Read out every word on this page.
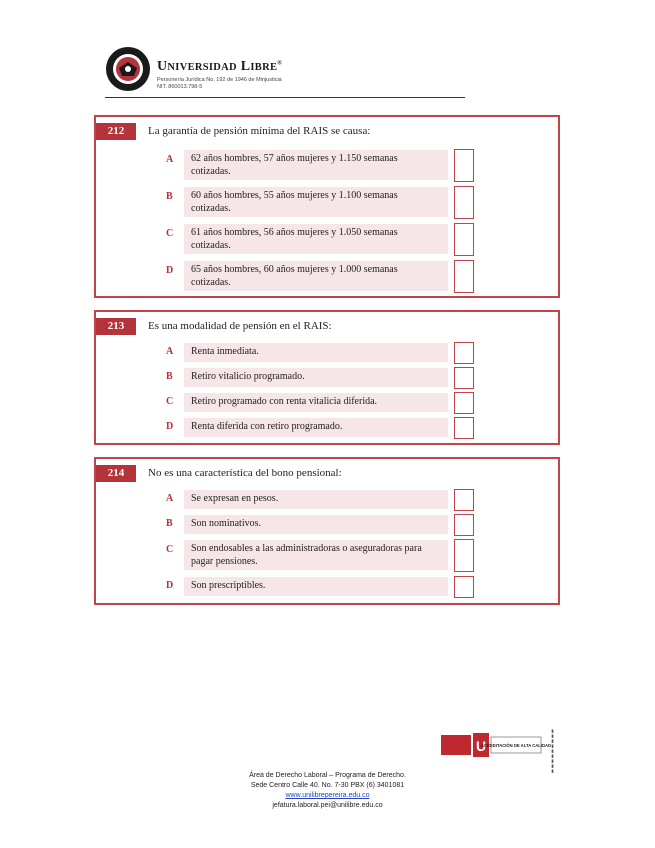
UNIVERSIDAD LIBRE®
Personería Jurídica No. 192 de 1946 de Minjusticia
NIT. 860013.798-5
212	La garantía de pensión mínima del RAIS se causa:
A	62 años hombres, 57 años mujeres y 1.150 semanas
cotizadas.
B	60 años hombres, 55 años mujeres y 1.100 semanas
cotizadas.
C	61 años hombres, 56 años mujeres y 1.050 semanas
cotizadas.
D	65 años hombres, 60 años mujeres y 1.000 semanas
cotizadas.
213	Es una modalidad de pensión en el RAIS:
A	Renta inmediata.
B	Retiro vitalicio programado.
C	Retiro programado con renta vitalicia diferida.
D	Renta diferida con retiro programado.
214	No es una característica del bono pensional:
A	Se expresan en pesos.
B	Son nominativos.
C	Son endosables a las administradoras o aseguradoras para
pagar pensiones.
D	Son prescriptibles.
U
ACREDITACIÓN DE ALTA CALIDAD
▮▮▮▮▮▮▮▮▮
Área de Derecho Laboral – Programa de Derecho.
Sede Centro Calle 40. No. 7-30 PBX (6) 3401081
www.unilibrepereira.edu.co
jefatura.laboral.pei@unilibre.edu.co
